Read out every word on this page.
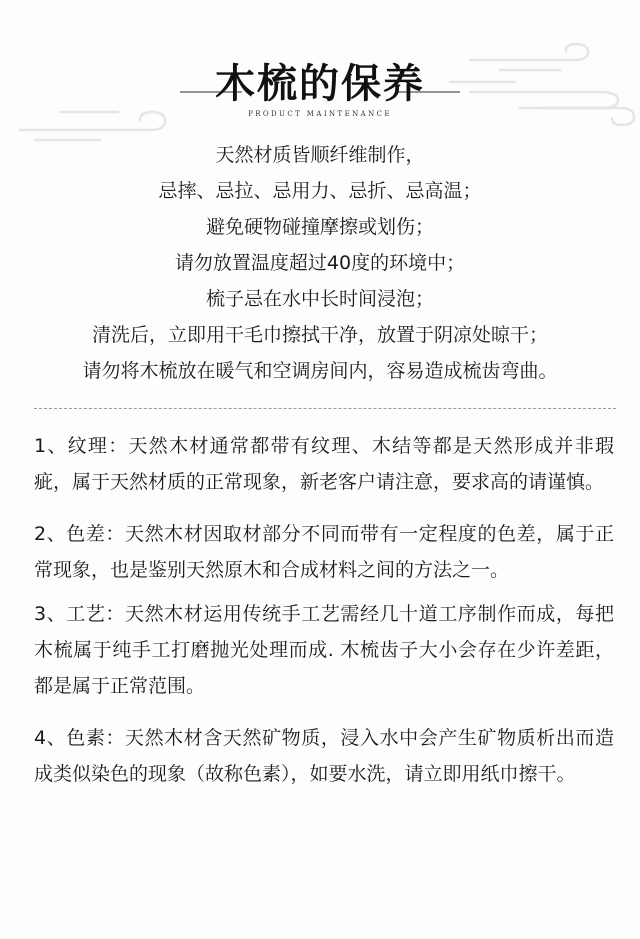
木梳的保养
PRODUCT MAINTENANCE
天然材质皆顺纤维制作，
忌摔、忌拉、忌用力、忌折、忌高温；
避免硬物碰撞摩擦或划伤；
请勿放置温度超过40度的环境中；
梳子忌在水中长时间浸泡；
清洗后，立即用干毛巾擦拭干净，放置于阴凉处晾干；
请勿将木梳放在暖气和空调房间内，容易造成梳齿弯曲。

1、纹理：天然木材通常都带有纹理、木结等都是天然形成并非瑕疵，属于天然材质的正常现象，新老客户请注意，要求高的请谨慎。

2、色差：天然木材因取材部分不同而带有一定程度的色差，属于正常现象，也是鉴别天然原木和合成材料之间的方法之一。

3、工艺：天然木材运用传统手工艺需经几十道工序制作而成，每把木梳属于纯手工打磨抛光处理而成. 木梳齿子大小会存在少许差距，都是属于正常范围。

4、色素：天然木材含天然矿物质，浸入水中会产生矿物质析出而造成类似染色的现象（故称色素），如要水洗，请立即用纸巾擦干。
